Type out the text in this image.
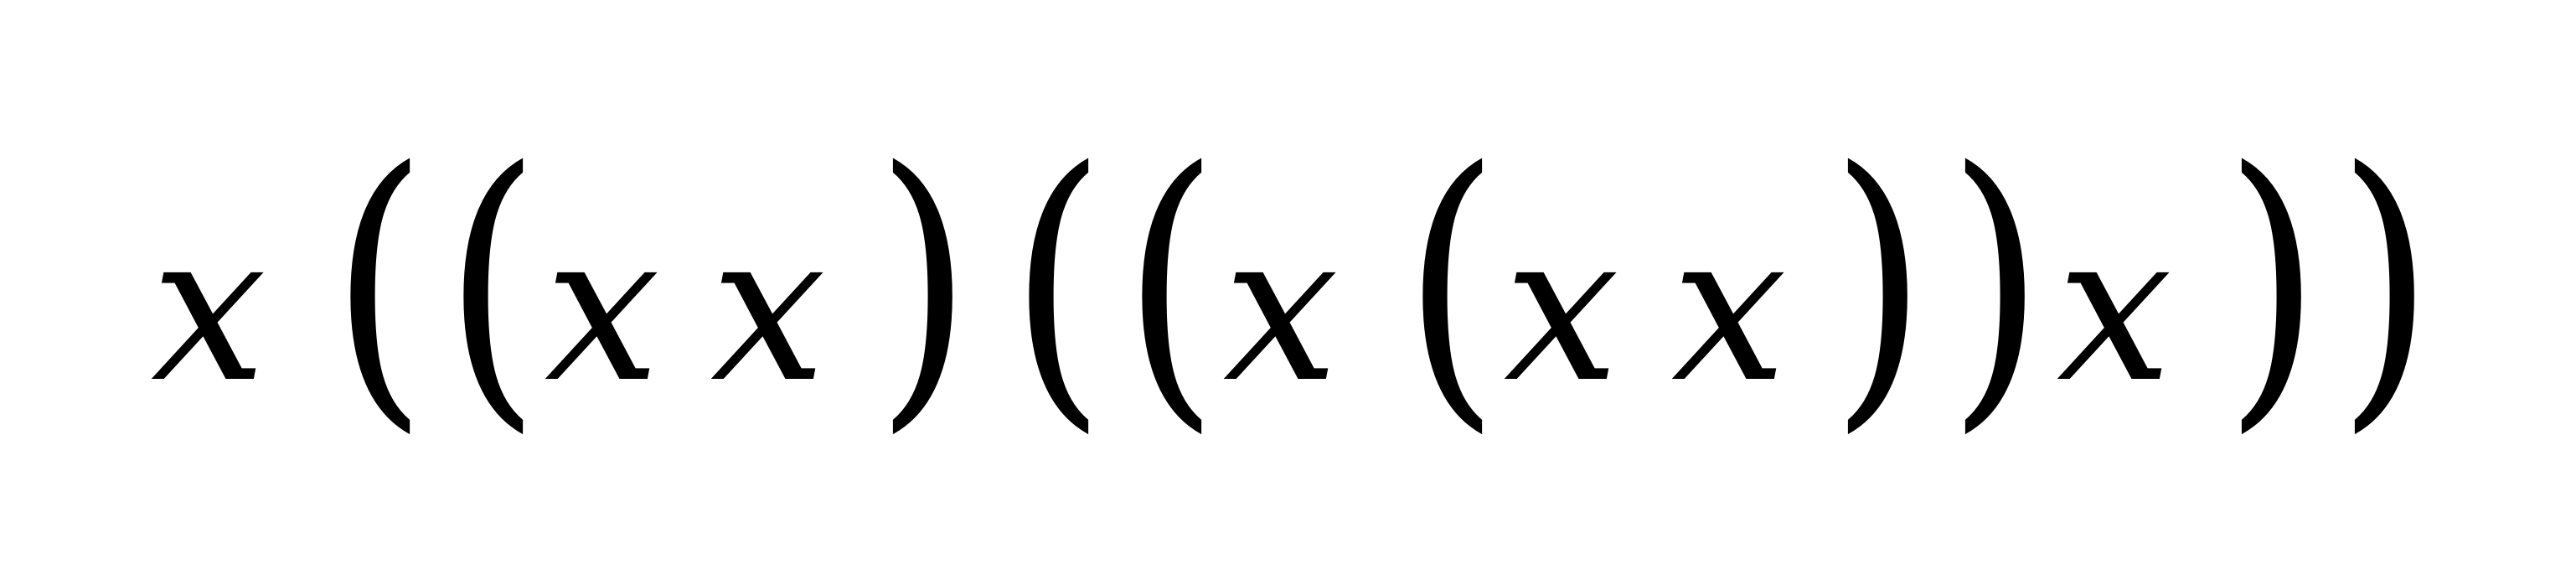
x ( ( x x ) ( ( x ( x x ) ) x ) )
